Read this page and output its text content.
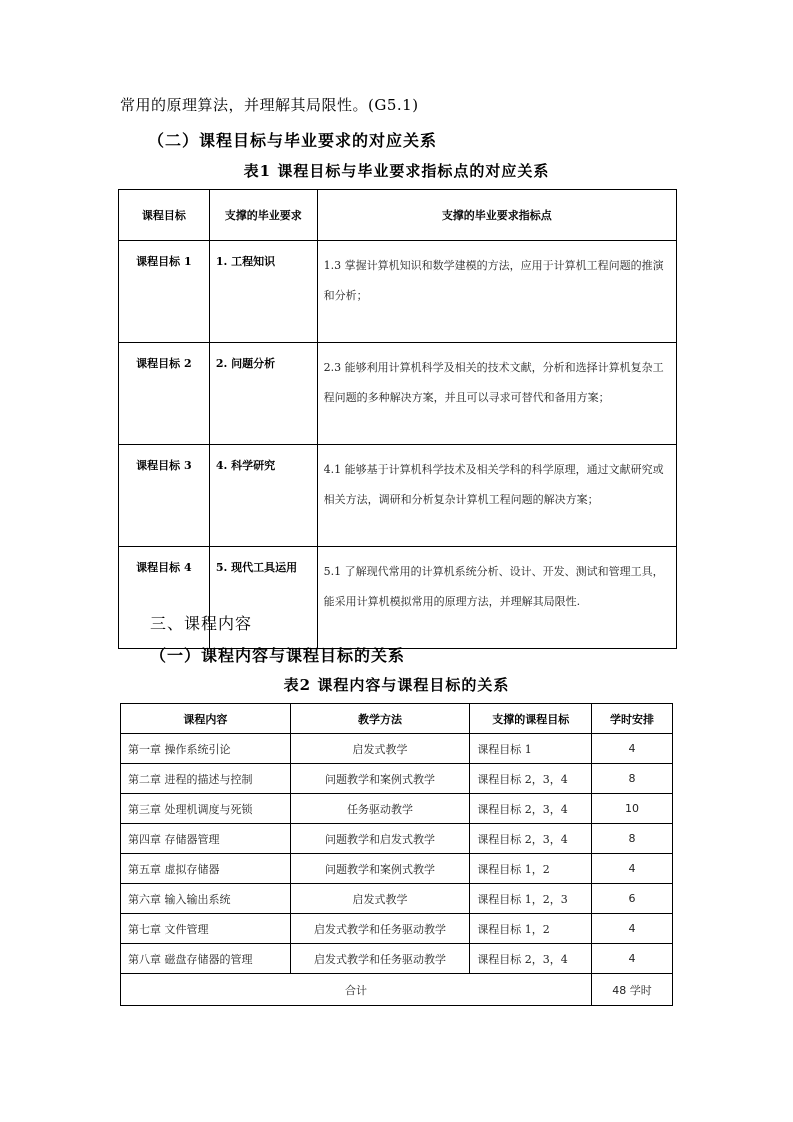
常用的原理算法，并理解其局限性。(G5.1)
（二）课程目标与毕业要求的对应关系
表1 课程目标与毕业要求指标点的对应关系
课程目标	支撑的毕业要求	支撑的毕业要求指标点
课程目标 1	1. 工程知识	1.3 掌握计算机知识和数学建模的方法，应用于计算机工程问题的推演和分析；
课程目标 2	2. 问题分析	2.3 能够利用计算机科学及相关的技术文献，分析和选择计算机复杂工程问题的多种解决方案，并且可以寻求可替代和备用方案；
课程目标 3	4. 科学研究	4.1 能够基于计算机科学技术及相关学科的科学原理，通过文献研究或相关方法，调研和分析复杂计算机工程问题的解决方案；
课程目标 4	5. 现代工具运用	5.1 了解现代常用的计算机系统分析、设计、开发、测试和管理工具，能采用计算机模拟常用的原理方法，并理解其局限性.
三、课程内容
（一）课程内容与课程目标的关系
表2 课程内容与课程目标的关系
课程内容	教学方法	支撑的课程目标	学时安排
第一章 操作系统引论	启发式教学	课程目标 1	4
第二章 进程的描述与控制	问题教学和案例式教学	课程目标 2，3，4	8
第三章 处理机调度与死锁	任务驱动教学	课程目标 2，3，4	10
第四章 存储器管理	问题教学和启发式教学	课程目标 2，3，4	8
第五章 虚拟存储器	问题教学和案例式教学	课程目标 1，2	4
第六章 输入输出系统	启发式教学	课程目标 1，2，3	6
第七章 文件管理	启发式教学和任务驱动教学	课程目标 1，2	4
第八章 磁盘存储器的管理	启发式教学和任务驱动教学	课程目标 2，3，4	4
合计			48 学时
